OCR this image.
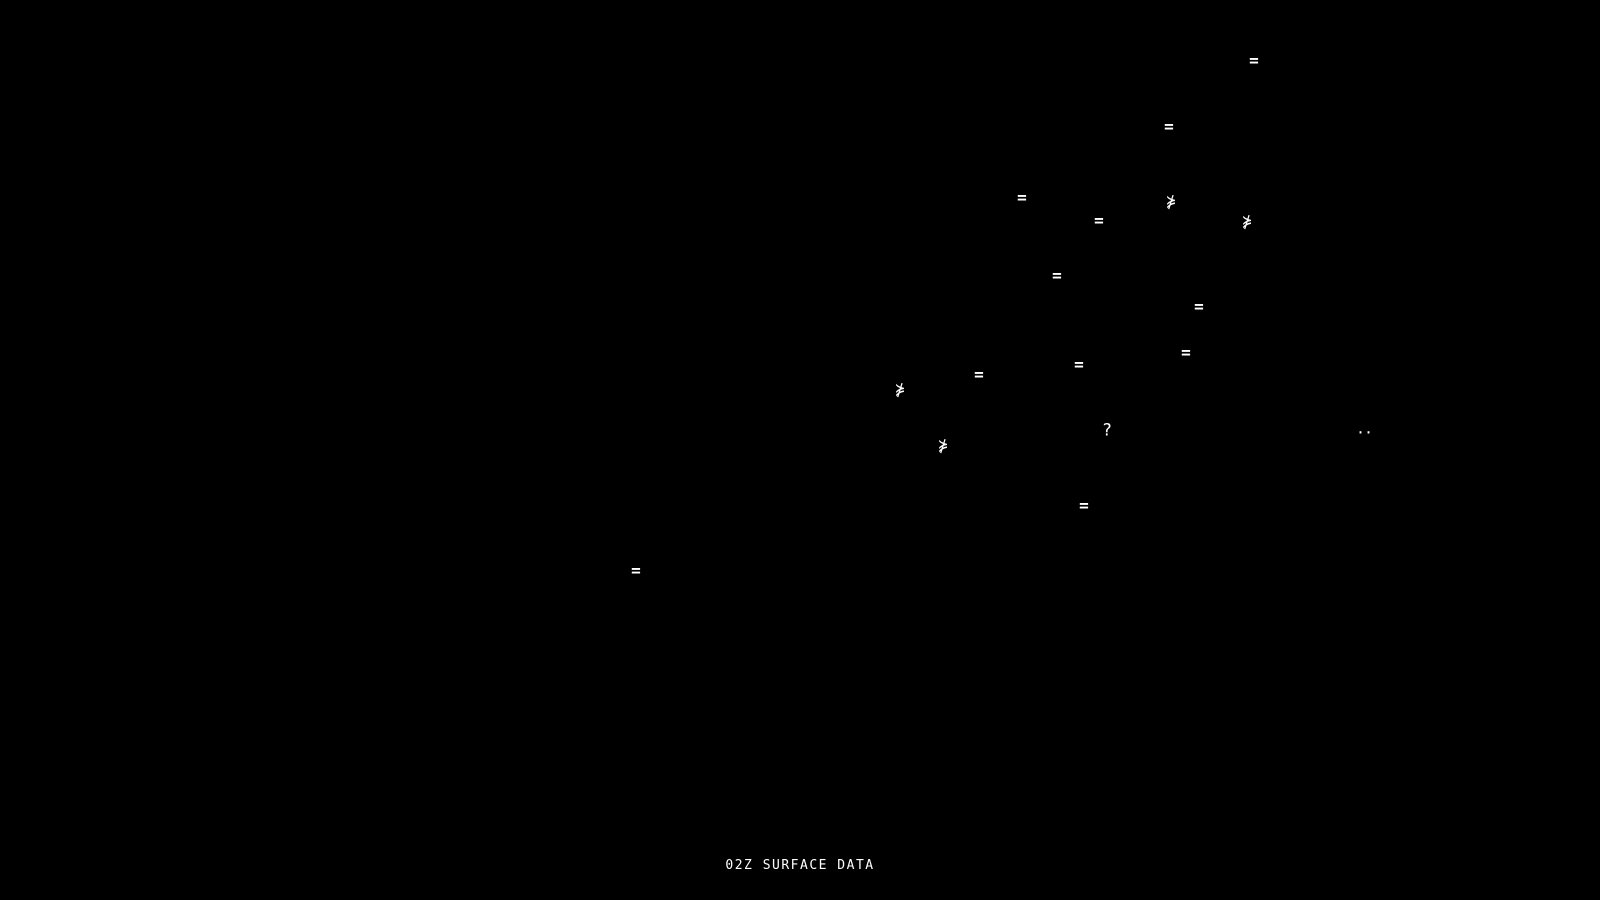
=
=
=	⋡
=	⋡
=
=
=
=
=
⋡
?	··
⋡
=
=
02Z SURFACE DATA
